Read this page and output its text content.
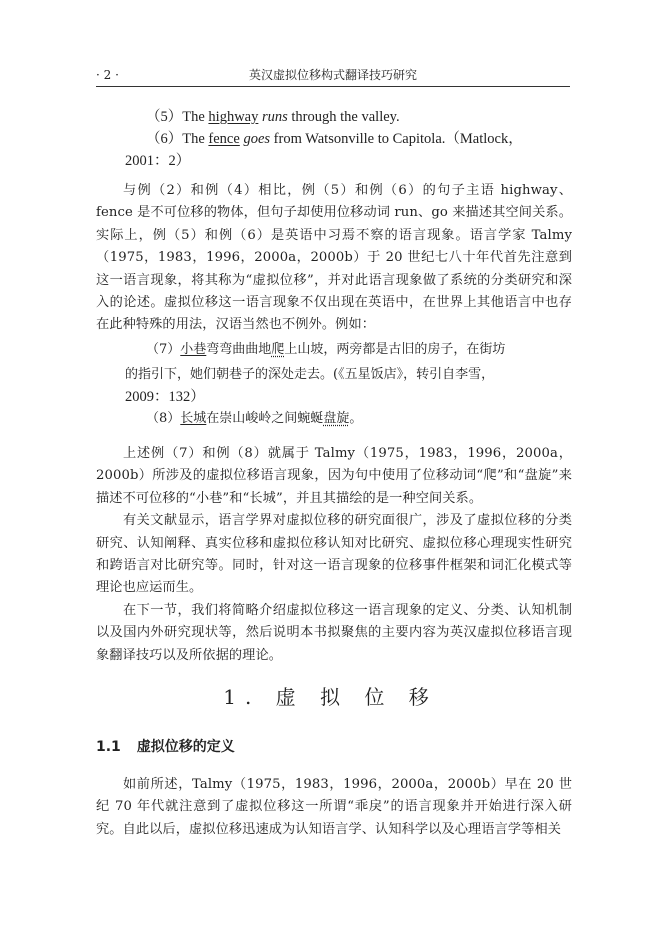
· 2 ·	英汉虚拟位移构式翻译技巧研究
（5）The highway runs through the valley.
（6）The fence goes from Watsonville to Capitola.（Matlock，
2001：2）

与例（2）和例（4）相比，例（5）和例（6）的句子主语 highway、fence 是不可位移的物体，但句子却使用位移动词 run、go 来描述其空间关系。实际上，例（5）和例（6）是英语中习焉不察的语言现象。语言学家 Talmy（1975，1983，1996，2000a，2000b）于 20 世纪七八十年代首先注意到这一语言现象，将其称为“虚拟位移”，并对此语言现象做了系统的分类研究和深入的论述。虚拟位移这一语言现象不仅出现在英语中，在世界上其他语言中也存在此种特殊的用法，汉语当然也不例外。例如：

（7）小巷弯弯曲曲地爬上山坡，两旁都是古旧的房子，在街坊
的指引下，她们朝巷子的深处走去。(《五星饭店》，转引自李雪，
2009：132）
（8）长城在崇山峻岭之间蜿蜒盘旋。

上述例（7）和例（8）就属于 Talmy（1975，1983，1996，2000a，2000b）所涉及的虚拟位移语言现象，因为句中使用了位移动词“爬”和“盘旋”来描述不可位移的“小巷”和“长城”，并且其描绘的是一种空间关系。

有关文献显示，语言学界对虚拟位移的研究面很广，涉及了虚拟位移的分类研究、认知阐释、真实位移和虚拟位移认知对比研究、虚拟位移心理现实性研究和跨语言对比研究等。同时，针对这一语言现象的位移事件框架和词汇化模式等理论也应运而生。

在下一节，我们将简略介绍虚拟位移这一语言现象的定义、分类、认知机制以及国内外研究现状等，然后说明本书拟聚焦的主要内容为英汉虚拟位移语言现象翻译技巧以及所依据的理论。

1. 虚 拟 位 移
1.1 虚拟位移的定义

如前所述，Talmy（1975，1983，1996，2000a，2000b）早在 20 世纪 70 年代就注意到了虚拟位移这一所谓“乖戾”的语言现象并开始进行深入研究。自此以后，虚拟位移迅速成为认知语言学、认知科学以及心理语言学等相关
